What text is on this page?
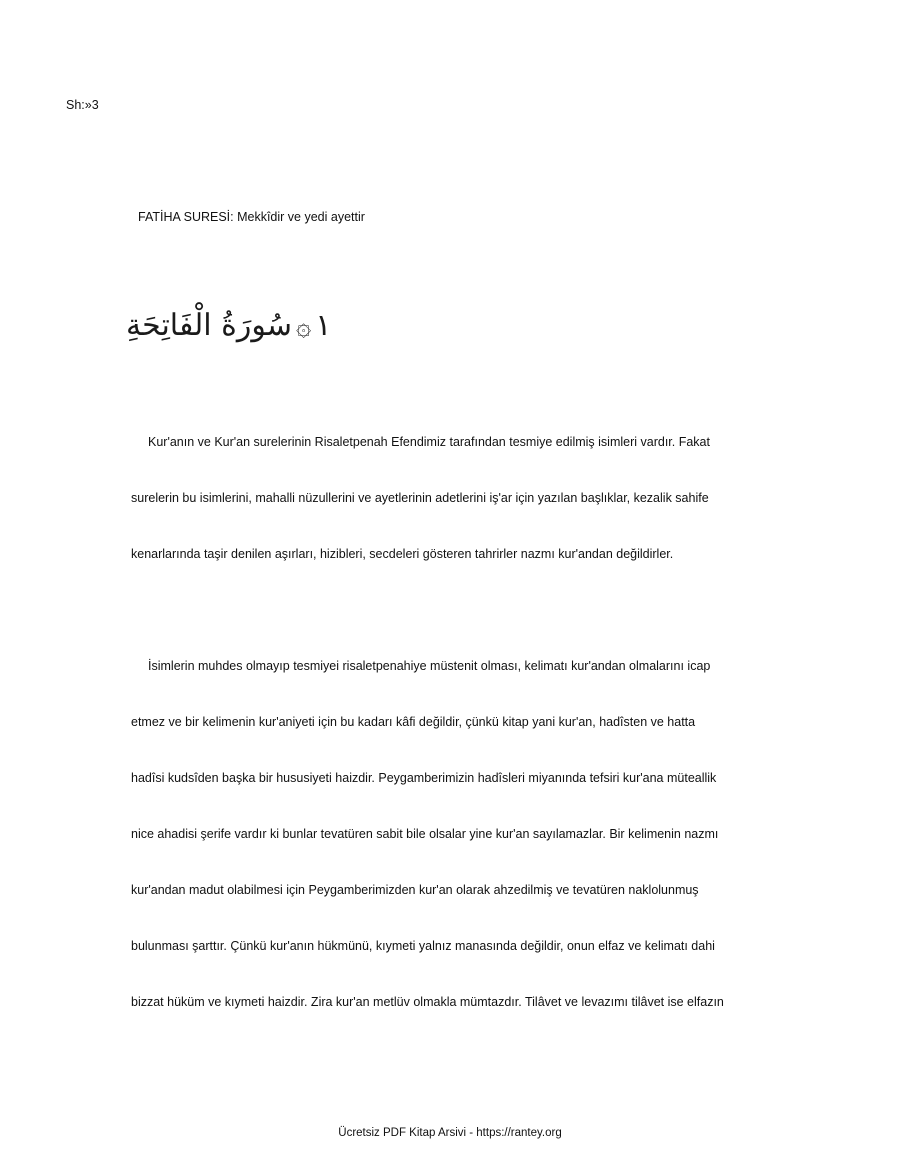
Sh:»3
FATİHA SURESİ: Mekkîdir ve yedi ayettir
١۞سُورَةُ الْفَاتِحَةِ
Kur'anın ve Kur'an surelerinin Risaletpenah Efendimiz tarafından tesmiye edilmiş isimleri vardır. Fakat
surelerin bu isimlerini, mahalli nüzullerini ve ayetlerinin adetlerini iş'ar için yazılan başlıklar, kezalik sahife
kenarlarında taşir denilen aşırları, hizibleri, secdeleri gösteren tahrirler nazmı kur'andan değildirler.
İsimlerin muhdes olmayıp tesmiyei risaletpenahiye müstenit olması, kelimatı kur'andan olmalarını icap
etmez ve bir kelimenin kur'aniyeti için bu kadarı kâfi değildir, çünkü kitap yani kur'an, hadîsten ve hatta
hadîsi kudsîden başka bir hususiyeti haizdir. Peygamberimizin hadîsleri miyanında tefsiri kur'ana müteallik
nice ahadisi şerife vardır ki bunlar tevatüren sabit bile olsalar yine kur'an sayılamazlar. Bir kelimenin nazmı
kur'andan madut olabilmesi için Peygamberimizden kur'an olarak ahzedilmiş ve tevatüren naklolunmuş
bulunması şarttır. Çünkü kur'anın hükmünü, kıymeti yalnız manasında değildir, onun elfaz ve kelimatı dahi
bizzat hüküm ve kıymeti haizdir. Zira kur'an metlüv olmakla mümtazdır. Tilâvet ve levazımı tilâvet ise elfazın
Ücretsiz PDF Kitap Arsivi - https://rantey.org
